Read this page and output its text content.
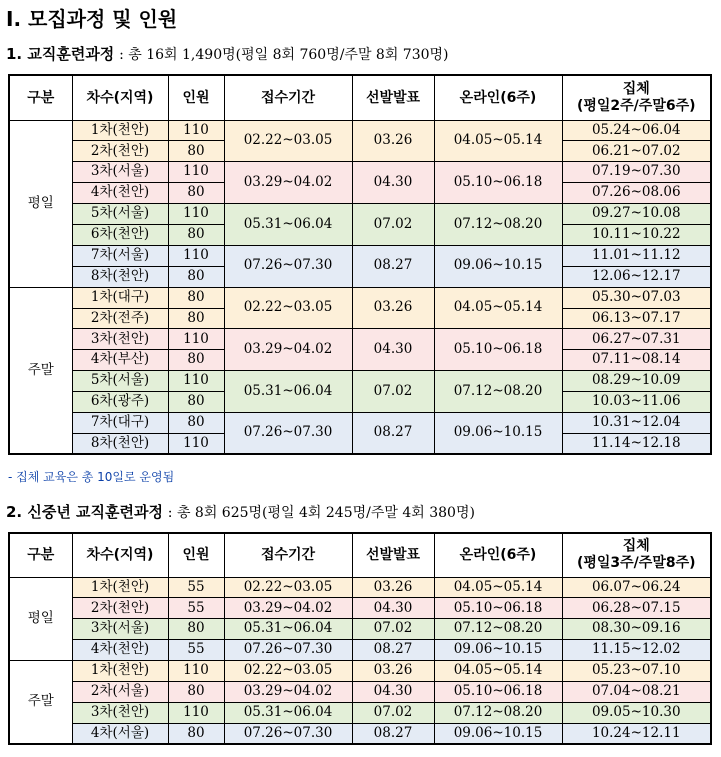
Ⅰ. 모집과정 및 인원
1. 교직훈련과정 : 총 16회 1,490명(평일 8회 760명/주말 8회 730명)
구분	차수(지역)	인원	접수기간	선발발표	온라인(6주)	집체
(평일2주/주말6주)
평일	1차(천안)	110	02.22~03.05	03.26	04.05~05.14	05.24~06.04
	2차(천안)	80				06.21~07.02
	3차(서울)	110	03.29~04.02	04.30	05.10~06.18	07.19~07.30
	4차(천안)	80				07.26~08.06
	5차(서울)	110	05.31~06.04	07.02	07.12~08.20	09.27~10.08
	6차(천안)	80				10.11~10.22
	7차(서울)	110	07.26~07.30	08.27	09.06~10.15	11.01~11.12
	8차(천안)	80				12.06~12.17
주말	1차(대구)	80	02.22~03.05	03.26	04.05~05.14	05.30~07.03
	2차(전주)	80				06.13~07.17
	3차(천안)	110	03.29~04.02	04.30	05.10~06.18	06.27~07.31
	4차(부산)	80				07.11~08.14
	5차(서울)	110	05.31~06.04	07.02	07.12~08.20	08.29~10.09
	6차(광주)	80				10.03~11.06
	7차(대구)	80	07.26~07.30	08.27	09.06~10.15	10.31~12.04
	8차(천안)	110				11.14~12.18
- 집체 교육은 총 10일로 운영됨
2. 신중년 교직훈련과정 : 총 8회 625명(평일 4회 245명/주말 4회 380명)
구분	차수(지역)	인원	접수기간	선발발표	온라인(6주)	집체
(평일3주/주말8주)
평일	1차(천안)	55	02.22~03.05	03.26	04.05~05.14	06.07~06.24
	2차(천안)	55	03.29~04.02	04.30	05.10~06.18	06.28~07.15
	3차(서울)	80	05.31~06.04	07.02	07.12~08.20	08.30~09.16
	4차(천안)	55	07.26~07.30	08.27	09.06~10.15	11.15~12.02
주말	1차(천안)	110	02.22~03.05	03.26	04.05~05.14	05.23~07.10
	2차(서울)	80	03.29~04.02	04.30	05.10~06.18	07.04~08.21
	3차(천안)	110	05.31~06.04	07.02	07.12~08.20	09.05~10.30
	4차(서울)	80	07.26~07.30	08.27	09.06~10.15	10.24~12.11
